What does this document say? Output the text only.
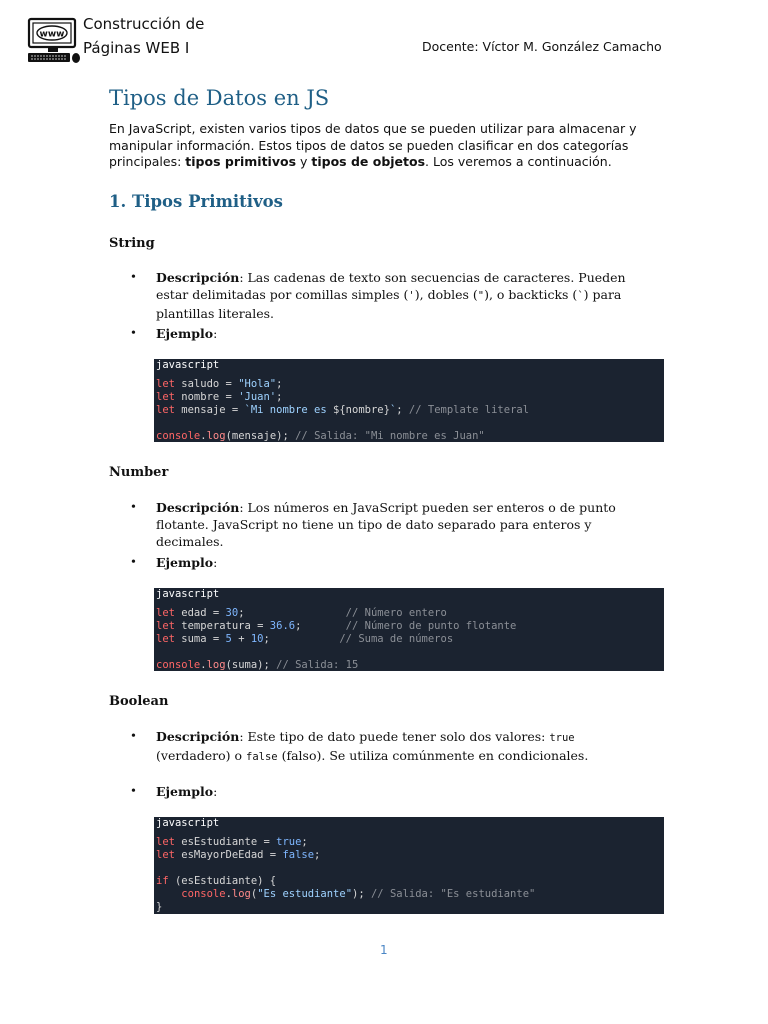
www
Construcción de
Páginas WEB I	Docente: Víctor M. González Camacho
Tipos de Datos en JS

En JavaScript, existen varios tipos de datos que se pueden utilizar para almacenar y manipular información. Estos tipos de datos se pueden clasificar en dos categorías principales: tipos primitivos y tipos de objetos. Los veremos a continuación.

1. Tipos Primitivos
String
• Descripción: Las cadenas de texto son secuencias de caracteres. Pueden estar delimitadas por comillas simples ('), dobles ("), o backticks (`) para plantillas literales.

• Ejemplo:

javascript
let saludo = "Hola";
let nombre = 'Juan';
let mensaje = `Mi nombre es ${nombre}`; // Template literal

console.log(mensaje); // Salida: "Mi nombre es Juan"
Number
• Descripción: Los números en JavaScript pueden ser enteros o de punto flotante. JavaScript no tiene un tipo de dato separado para enteros y decimales.

• Ejemplo:

javascript
let edad = 30;                // Número entero
let temperatura = 36.6;       // Número de punto flotante
let suma = 5 + 10;           // Suma de números

console.log(suma); // Salida: 15
Boolean
• Descripción: Este tipo de dato puede tener solo dos valores: true (verdadero) o false (falso). Se utiliza comúnmente en condicionales.

• Ejemplo:

javascript
let esEstudiante = true;
let esMayorDeEdad = false;

if (esEstudiante) {
console.log("Es estudiante"); // Salida: "Es estudiante"
}
1
